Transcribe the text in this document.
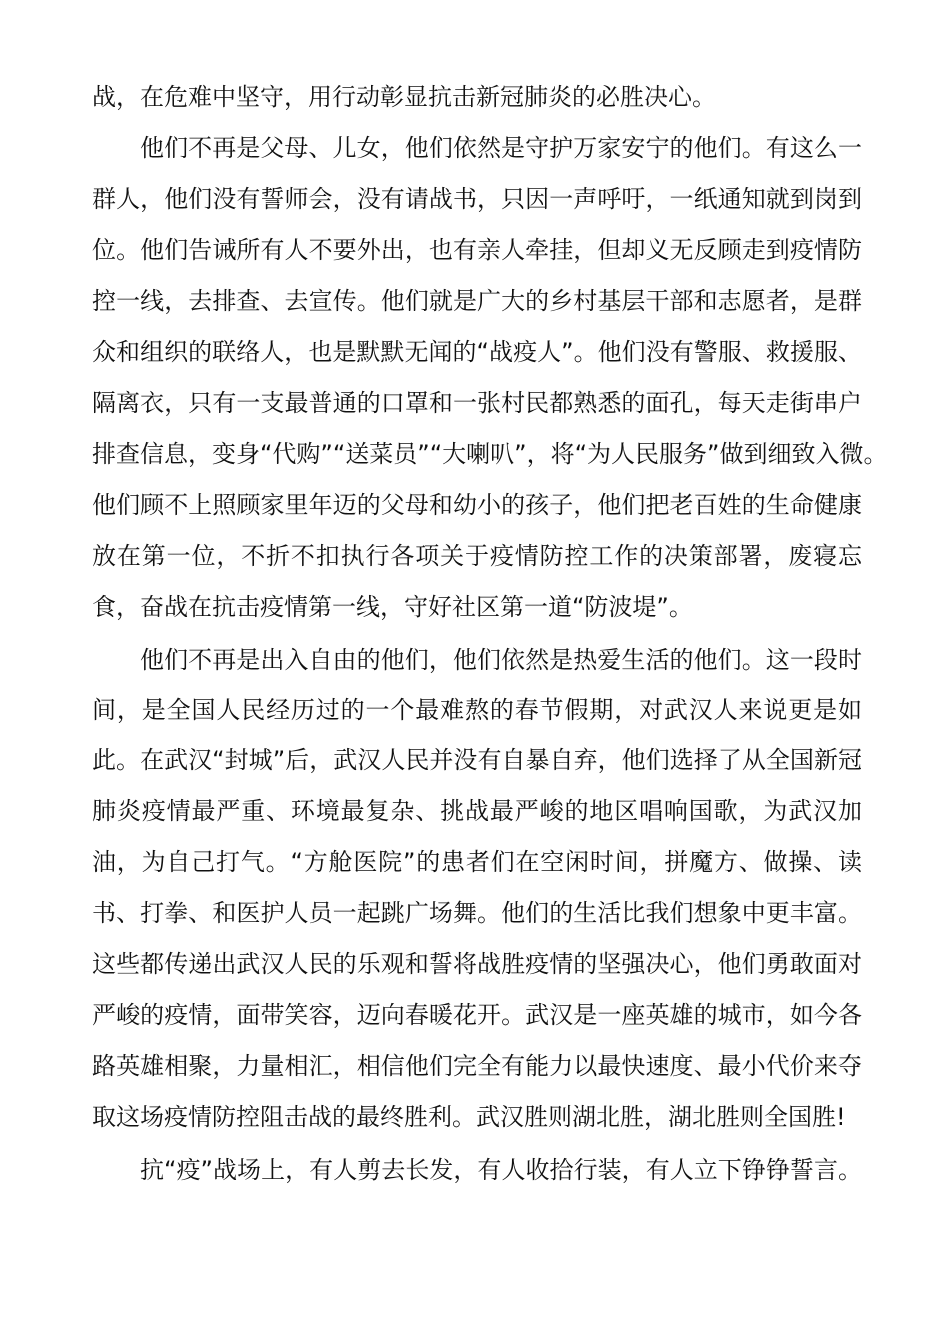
战，在危难中坚守，用行动彰显抗击新冠肺炎的必胜决心。
他们不再是父母、儿女，他们依然是守护万家安宁的他们。有这么一
群人，他们没有誓师会，没有请战书，只因一声呼吁，一纸通知就到岗到
位。他们告诫所有人不要外出，也有亲人牵挂，但却义无反顾走到疫情防
控一线，去排查、去宣传。他们就是广大的乡村基层干部和志愿者，是群
众和组织的联络人，也是默默无闻的“战疫人”。他们没有警服、救援服、
隔离衣，只有一支最普通的口罩和一张村民都熟悉的面孔，每天走街串户
排查信息，变身“代购”“送菜员”“大喇叭”，将“为人民服务”做到细致入微。
他们顾不上照顾家里年迈的父母和幼小的孩子，他们把老百姓的生命健康
放在第一位，不折不扣执行各项关于疫情防控工作的决策部署，废寝忘
食，奋战在抗击疫情第一线，守好社区第一道“防波堤”。
他们不再是出入自由的他们，他们依然是热爱生活的他们。这一段时
间，是全国人民经历过的一个最难熬的春节假期，对武汉人来说更是如
此。在武汉“封城”后，武汉人民并没有自暴自弃，他们选择了从全国新冠
肺炎疫情最严重、环境最复杂、挑战最严峻的地区唱响国歌，为武汉加
油，为自己打气。“方舱医院”的患者们在空闲时间，拼魔方、做操、读
书、打拳、和医护人员一起跳广场舞。他们的生活比我们想象中更丰富。
这些都传递出武汉人民的乐观和誓将战胜疫情的坚强决心，他们勇敢面对
严峻的疫情，面带笑容，迈向春暖花开。武汉是一座英雄的城市，如今各
路英雄相聚，力量相汇，相信他们完全有能力以最快速度、最小代价来夺
取这场疫情防控阻击战的最终胜利。武汉胜则湖北胜，湖北胜则全国胜!
抗“疫”战场上，有人剪去长发，有人收拾行装，有人立下铮铮誓言。
